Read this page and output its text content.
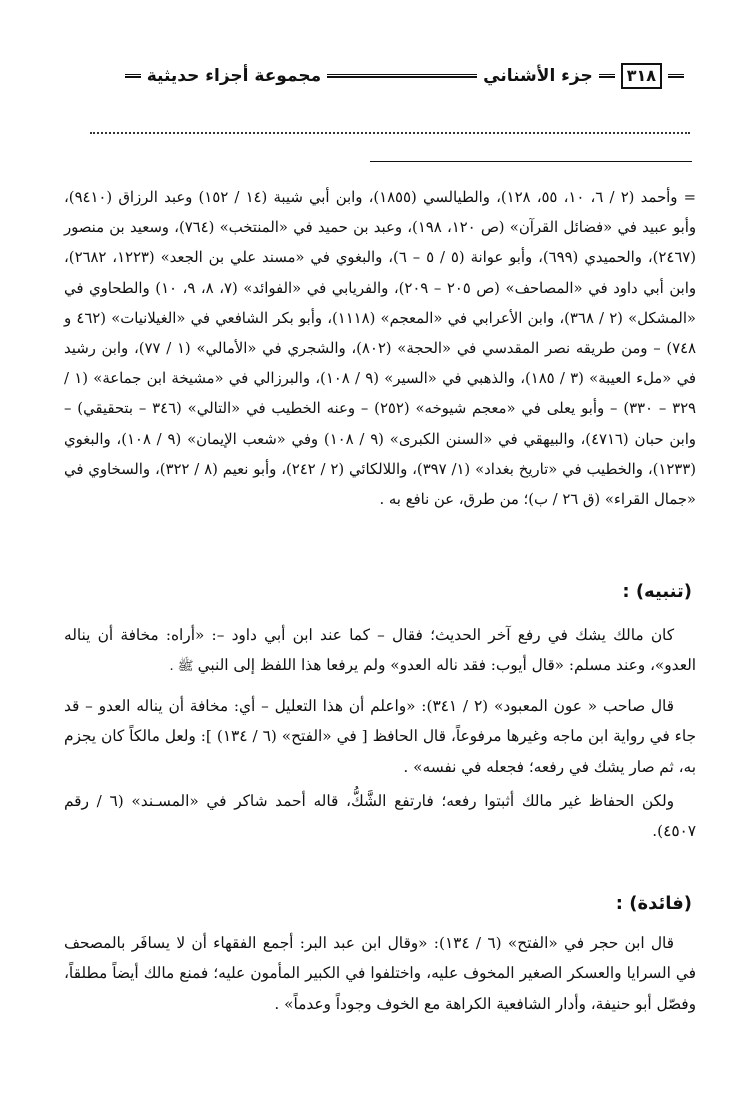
٣١٨
جزء الأشناني
مجموعة أجزاء حديثية

= وأحمد (٢ / ٦، ١٠، ٥٥، ١٢٨)، والطيالسي (١٨٥٥)، وابن أبي شيبة (١٤ / ١٥٢) وعبد الرزاق (٩٤١٠)، وأبو عبيد في «فضائل القرآن» (ص ١٢٠، ١٩٨)، وعبد بن حميد في «المنتخب» (٧٦٤)، وسعيد بن منصور (٢٤٦٧)، والحميدي (٦٩٩)، وأبو عوانة (٥ / ٥ – ٦)، والبغوي في «مسند علي بن الجعد» (١٢٢٣، ٢٦٨٢)، وابن أبي داود في «المصاحف» (ص ٢٠٥ – ٢٠٩)، والفريابي في «الفوائد» (٧، ٨، ٩، ١٠) والطحاوي في «المشكل» (٢ / ٣٦٨)، وابن الأعرابي في «المعجم» (١١١٨)، وأبو بكر الشافعي في «الغيلانيات» (٤٦٢ و ٧٤٨) – ومن طريقه نصر المقدسي في «الحجة» (٨٠٢)، والشجري في «الأمالي» (١ / ٧٧)، وابن رشيد في «ملء العيبة» (٣ / ١٨٥)، والذهبي في «السير» (٩ / ١٠٨)، والبرزالي في «مشيخة ابن جماعة» (١ / ٣٢٩ – ٣٣٠) – وأبو يعلى في «معجم شيوخه» (٢٥٢) – وعنه الخطيب في «التالي» (٣٤٦ – بتحقيقي) – وابن حبان (٤٧١٦)، والبيهقي في «السنن الكبرى» (٩ / ١٠٨) وفي «شعب الإيمان» (٩ / ١٠٨)، والبغوي (١٢٣٣)، والخطيب في «تاريخ بغداد» (١/ ٣٩٧)، واللالكائي (٢ / ٢٤٢)، وأبو نعيم (٨ / ٣٢٢)، والسخاوي في «جمال القراء» (ق ٢٦ / ب)؛ من طرق، عن نافع به .

(تنبيه) :

كان مالك يشك في رفع آخر الحديث؛ فقال – كما عند ابن أبي داود –: «أراه: مخافة أن يناله العدو»، وعند مسلم: «قال أيوب: فقد ناله العدو» ولم يرفعا هذا اللفظ إلى النبي ﷺ .

قال صاحب « عون المعبود» (٢ / ٣٤١): «واعلم أن هذا التعليل – أي: مخافة أن يناله العدو – قد جاء في رواية ابن ماجه وغيرها مرفوعاً، قال الحافظ [ في «الفتح» (٦ / ١٣٤) ]: ولعل مالكاً كان يجزم به، ثم صار يشك في رفعه؛ فجعله في نفسه» .

ولكن الحفاظ غير مالك أثبتوا رفعه؛ فارتفع الشَّكُّ، قاله أحمد شاكر في «المسـند» (٦ / رقم ٤٥٠٧).

(فائدة) :

قال ابن حجر في «الفتح» (٦ / ١٣٤): «وقال ابن عبد البر: أجمع الفقهاء أن لا يسافَر بالمصحف في السرايا والعسكر الصغير المخوف عليه، واختلفوا في الكبير المأمون عليه؛ فمنع مالك أيضاً مطلقاً، وفصّل أبو حنيفة، وأدار الشافعية الكراهة مع الخوف وجوداً وعدماً» .
